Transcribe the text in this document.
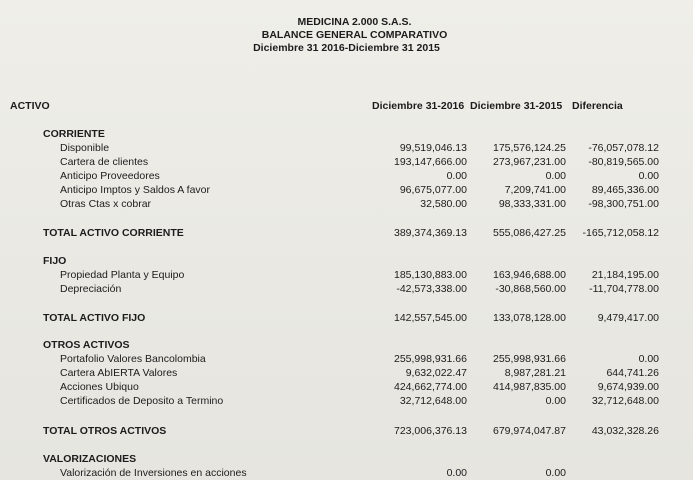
MEDICINA 2.000 S.A.S.
BALANCE GENERAL COMPARATIVO
Diciembre 31 2016-Diciembre 31 2015
ACTIVO	Diciembre 31-2016 Diciembre 31-2015 Diferencia
CORRIENTE
Disponible	99,519,046.13 175,576,124.25 -76,057,078.12
Cartera de clientes	193,147,666.00 273,967,231.00 -80,819,565.00
Anticipo Proveedores	0.00	0.00	0.00
Anticipo Imptos y Saldos A favor	96,675,077.00	7,209,741.00 89,465,336.00
Otras Ctas x cobrar	32,580.00	98,333,331.00 -98,300,751.00
TOTAL ACTIVO CORRIENTE	389,374,369.13 555,086,427.25 -165,712,058.12
FIJO
Propiedad Planta y Equipo	185,130,883.00 163,946,688.00 21,184,195.00
Depreciación	-42,573,338.00	-30,868,560.00 -11,704,778.00
TOTAL ACTIVO FIJO	142,557,545.00 133,078,128.00	9,479,417.00
OTROS ACTIVOS
Portafolio Valores Bancolombia	255,998,931.66 255,998,931.66	0.00
Cartera AbIERTA Valores	9,632,022.47	8,987,281.21	644,741.26
Acciones Ubiquo	424,662,774.00 414,987,835.00	9,674,939.00
Certificados de Deposito a Termino	32,712,648.00	0.00 32,712,648.00
TOTAL OTROS ACTIVOS	723,006,376.13 679,974,047.87 43,032,328.26
VALORIZACIONES
Valorización de Inversiones en acciones	0.00	0.00
